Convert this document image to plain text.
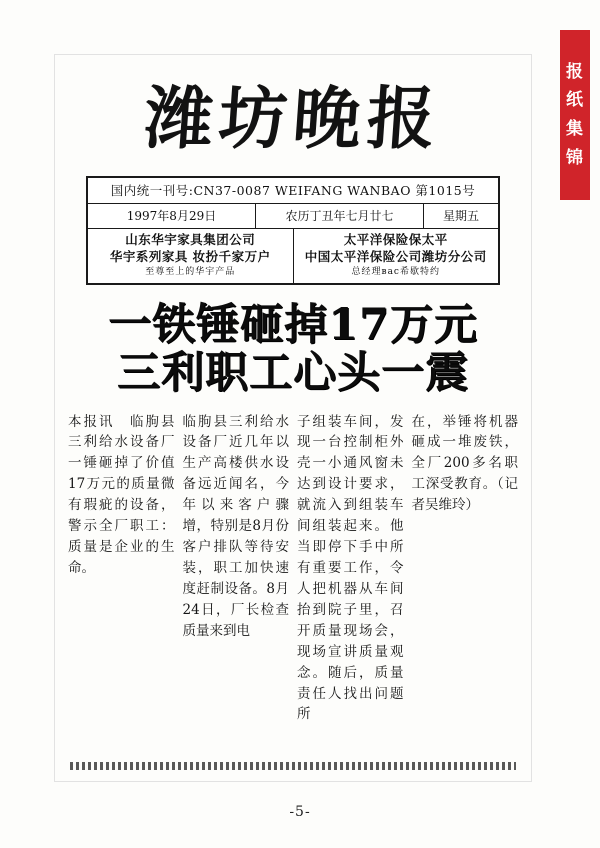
报
纸
集
锦
潍坊晚报
国内统一刊号:CN37-0087 WEIFANG WANBAO 第1015号
1997年8月29日	农历丁丑年七月廿七	星期五
山东华宇家具集团公司
华宇系列家具 妆扮千家万户
至尊至上的华宇产品
太平洋保险保太平
中国太平洋保险公司潍坊分公司
总经理вас希歇特约
一铁锤砸掉17万元
三利职工心头一震
本报讯　临朐县三利给水设备厂一锤砸掉了价值17万元的质量微有瑕疵的设备，警示全厂职工：质量是企业的生命。
临朐县三利给水设备厂近几年以生产高楼供水设备远近闻名，今年以来客户骤增，特别是8月份客户排队等待安装，职工加快速度赶制设备。8月24日，厂长检查质量来到电
子组装车间，发现一台控制柜外壳一小通风窗未达到设计要求，就流入到组装车间组装起来。他当即停下手中所有重要工作，令人把机器从车间抬到院子里，召开质量现场会，现场宣讲质量观念。随后，质量责任人找出问题所
在，举锤将机器砸成一堆废铁，全厂200多名职工深受教育。（记者吴维玲）
-5-
